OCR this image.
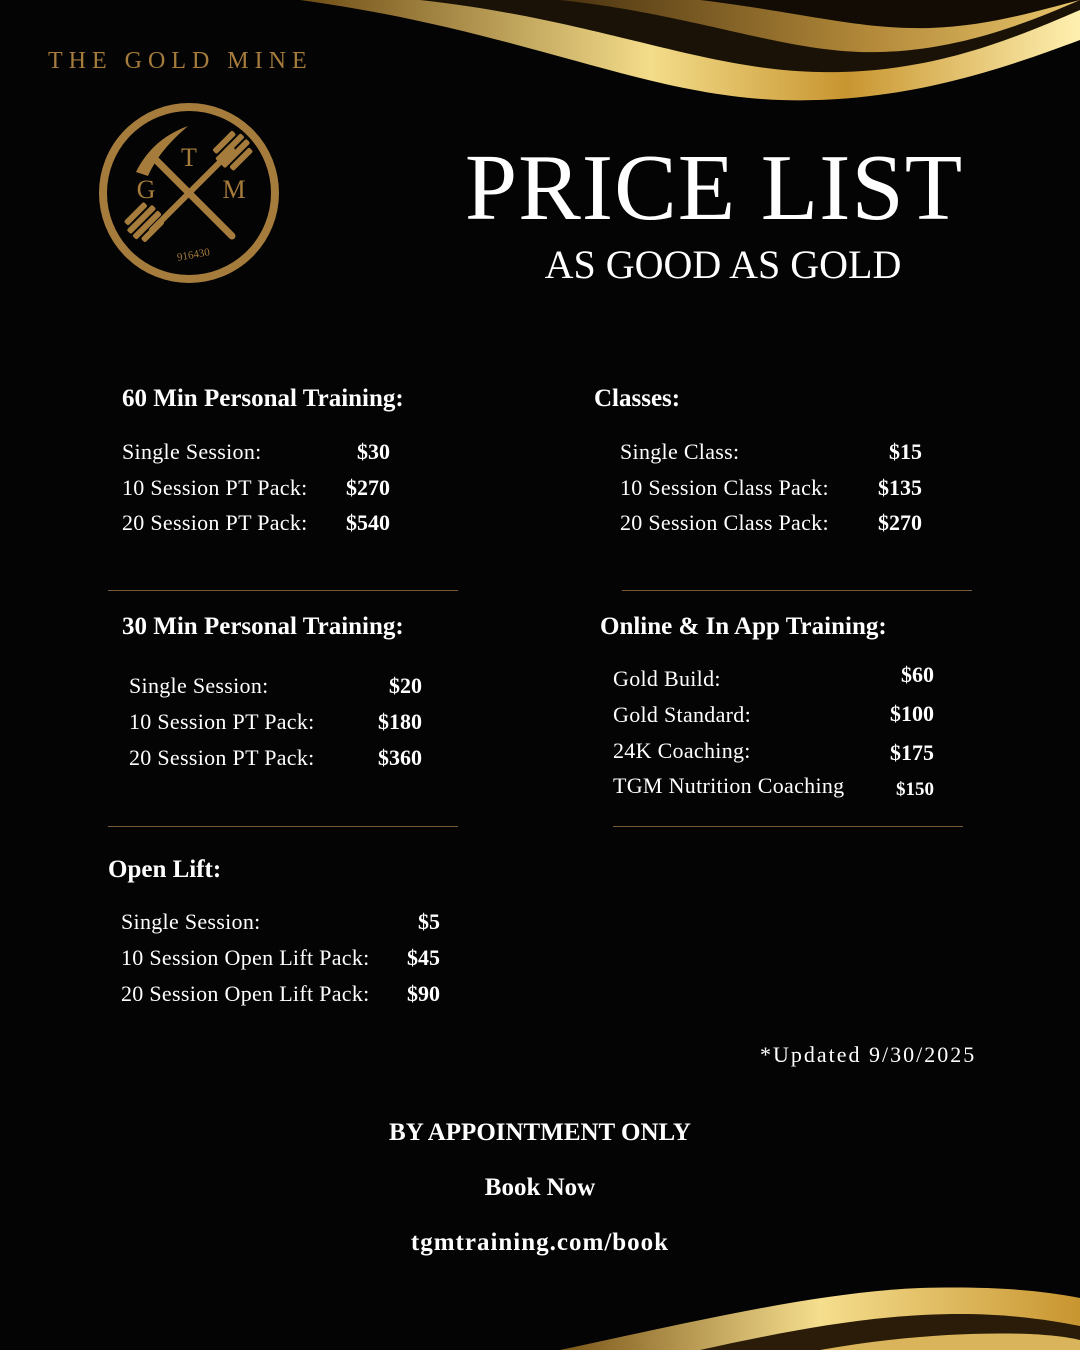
THE GOLD MINE
T
G	M
916430
PRICE LIST
AS GOOD AS GOLD
60 Min Personal Training:
Single Session:	$30
10 Session PT Pack:	$270
20 Session PT Pack:	$540
Classes:
Single Class:	$15
10 Session Class Pack:	$135
20 Session Class Pack:	$270
30 Min Personal Training:
Single Session:	$20
10 Session PT Pack:	$180
20 Session PT Pack:	$360
Online & In App Training:
Gold Build:	$60
Gold Standard:	$100
24K Coaching:	$175
TGM Nutrition Coaching	$150
Open Lift:
Single Session:	$5
10 Session Open Lift Pack:	$45
20 Session Open Lift Pack:	$90
*Updated 9/30/2025
BY APPOINTMENT ONLY
Book Now
tgmtraining.com/book
